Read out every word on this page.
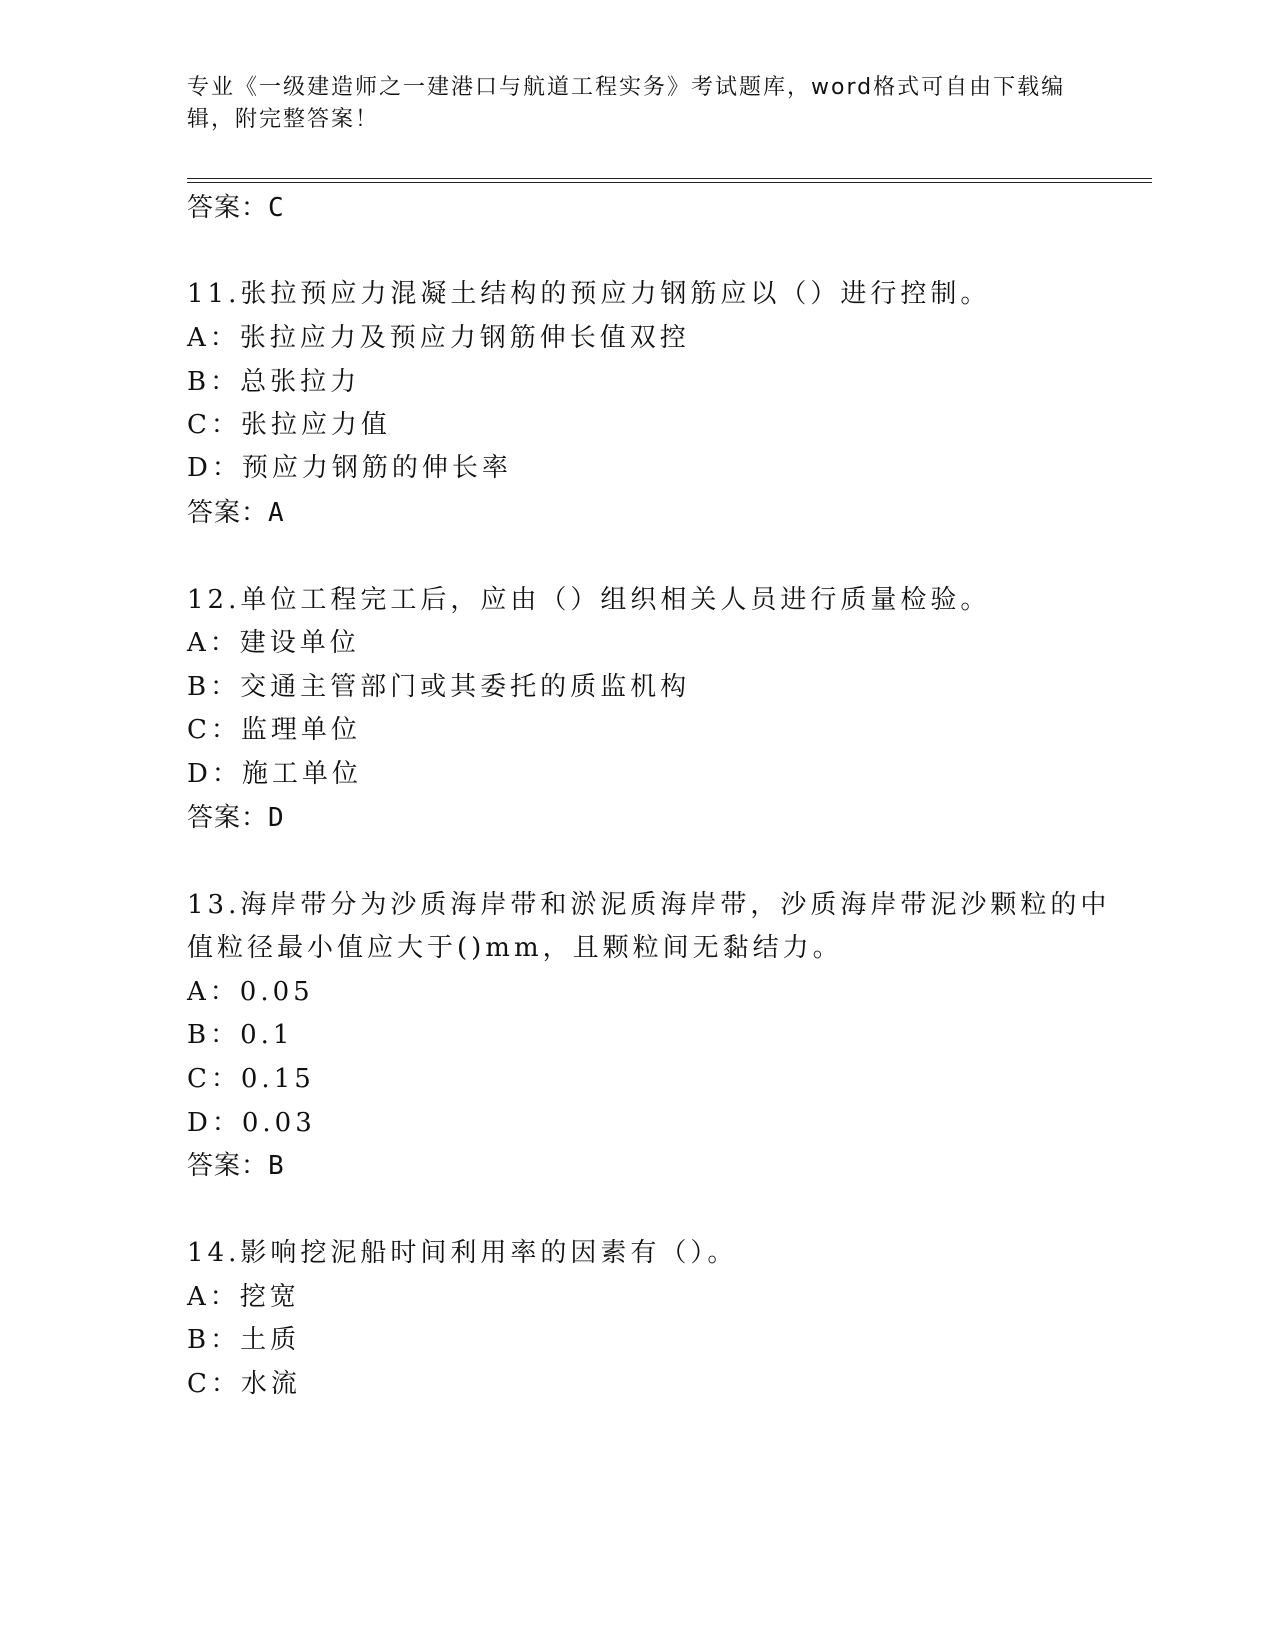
专业《一级建造师之一建港口与航道工程实务》考试题库，word格式可自由下载编辑，附完整答案！
答案：C
11.张拉预应力混凝土结构的预应力钢筋应以（）进行控制。
A：张拉应力及预应力钢筋伸长值双控
B：总张拉力
C：张拉应力值
D：预应力钢筋的伸长率
答案：A
12.单位工程完工后，应由（）组织相关人员进行质量检验。
A：建设单位
B：交通主管部门或其委托的质监机构
C：监理单位
D：施工单位
答案：D
13.海岸带分为沙质海岸带和淤泥质海岸带，沙质海岸带泥沙颗粒的中
值粒径最小值应大于()mm，且颗粒间无黏结力。
A：0.05
B：0.1
C：0.15
D：0.03
答案：B
14.影响挖泥船时间利用率的因素有（）。
A：挖宽
B：土质
C：水流
